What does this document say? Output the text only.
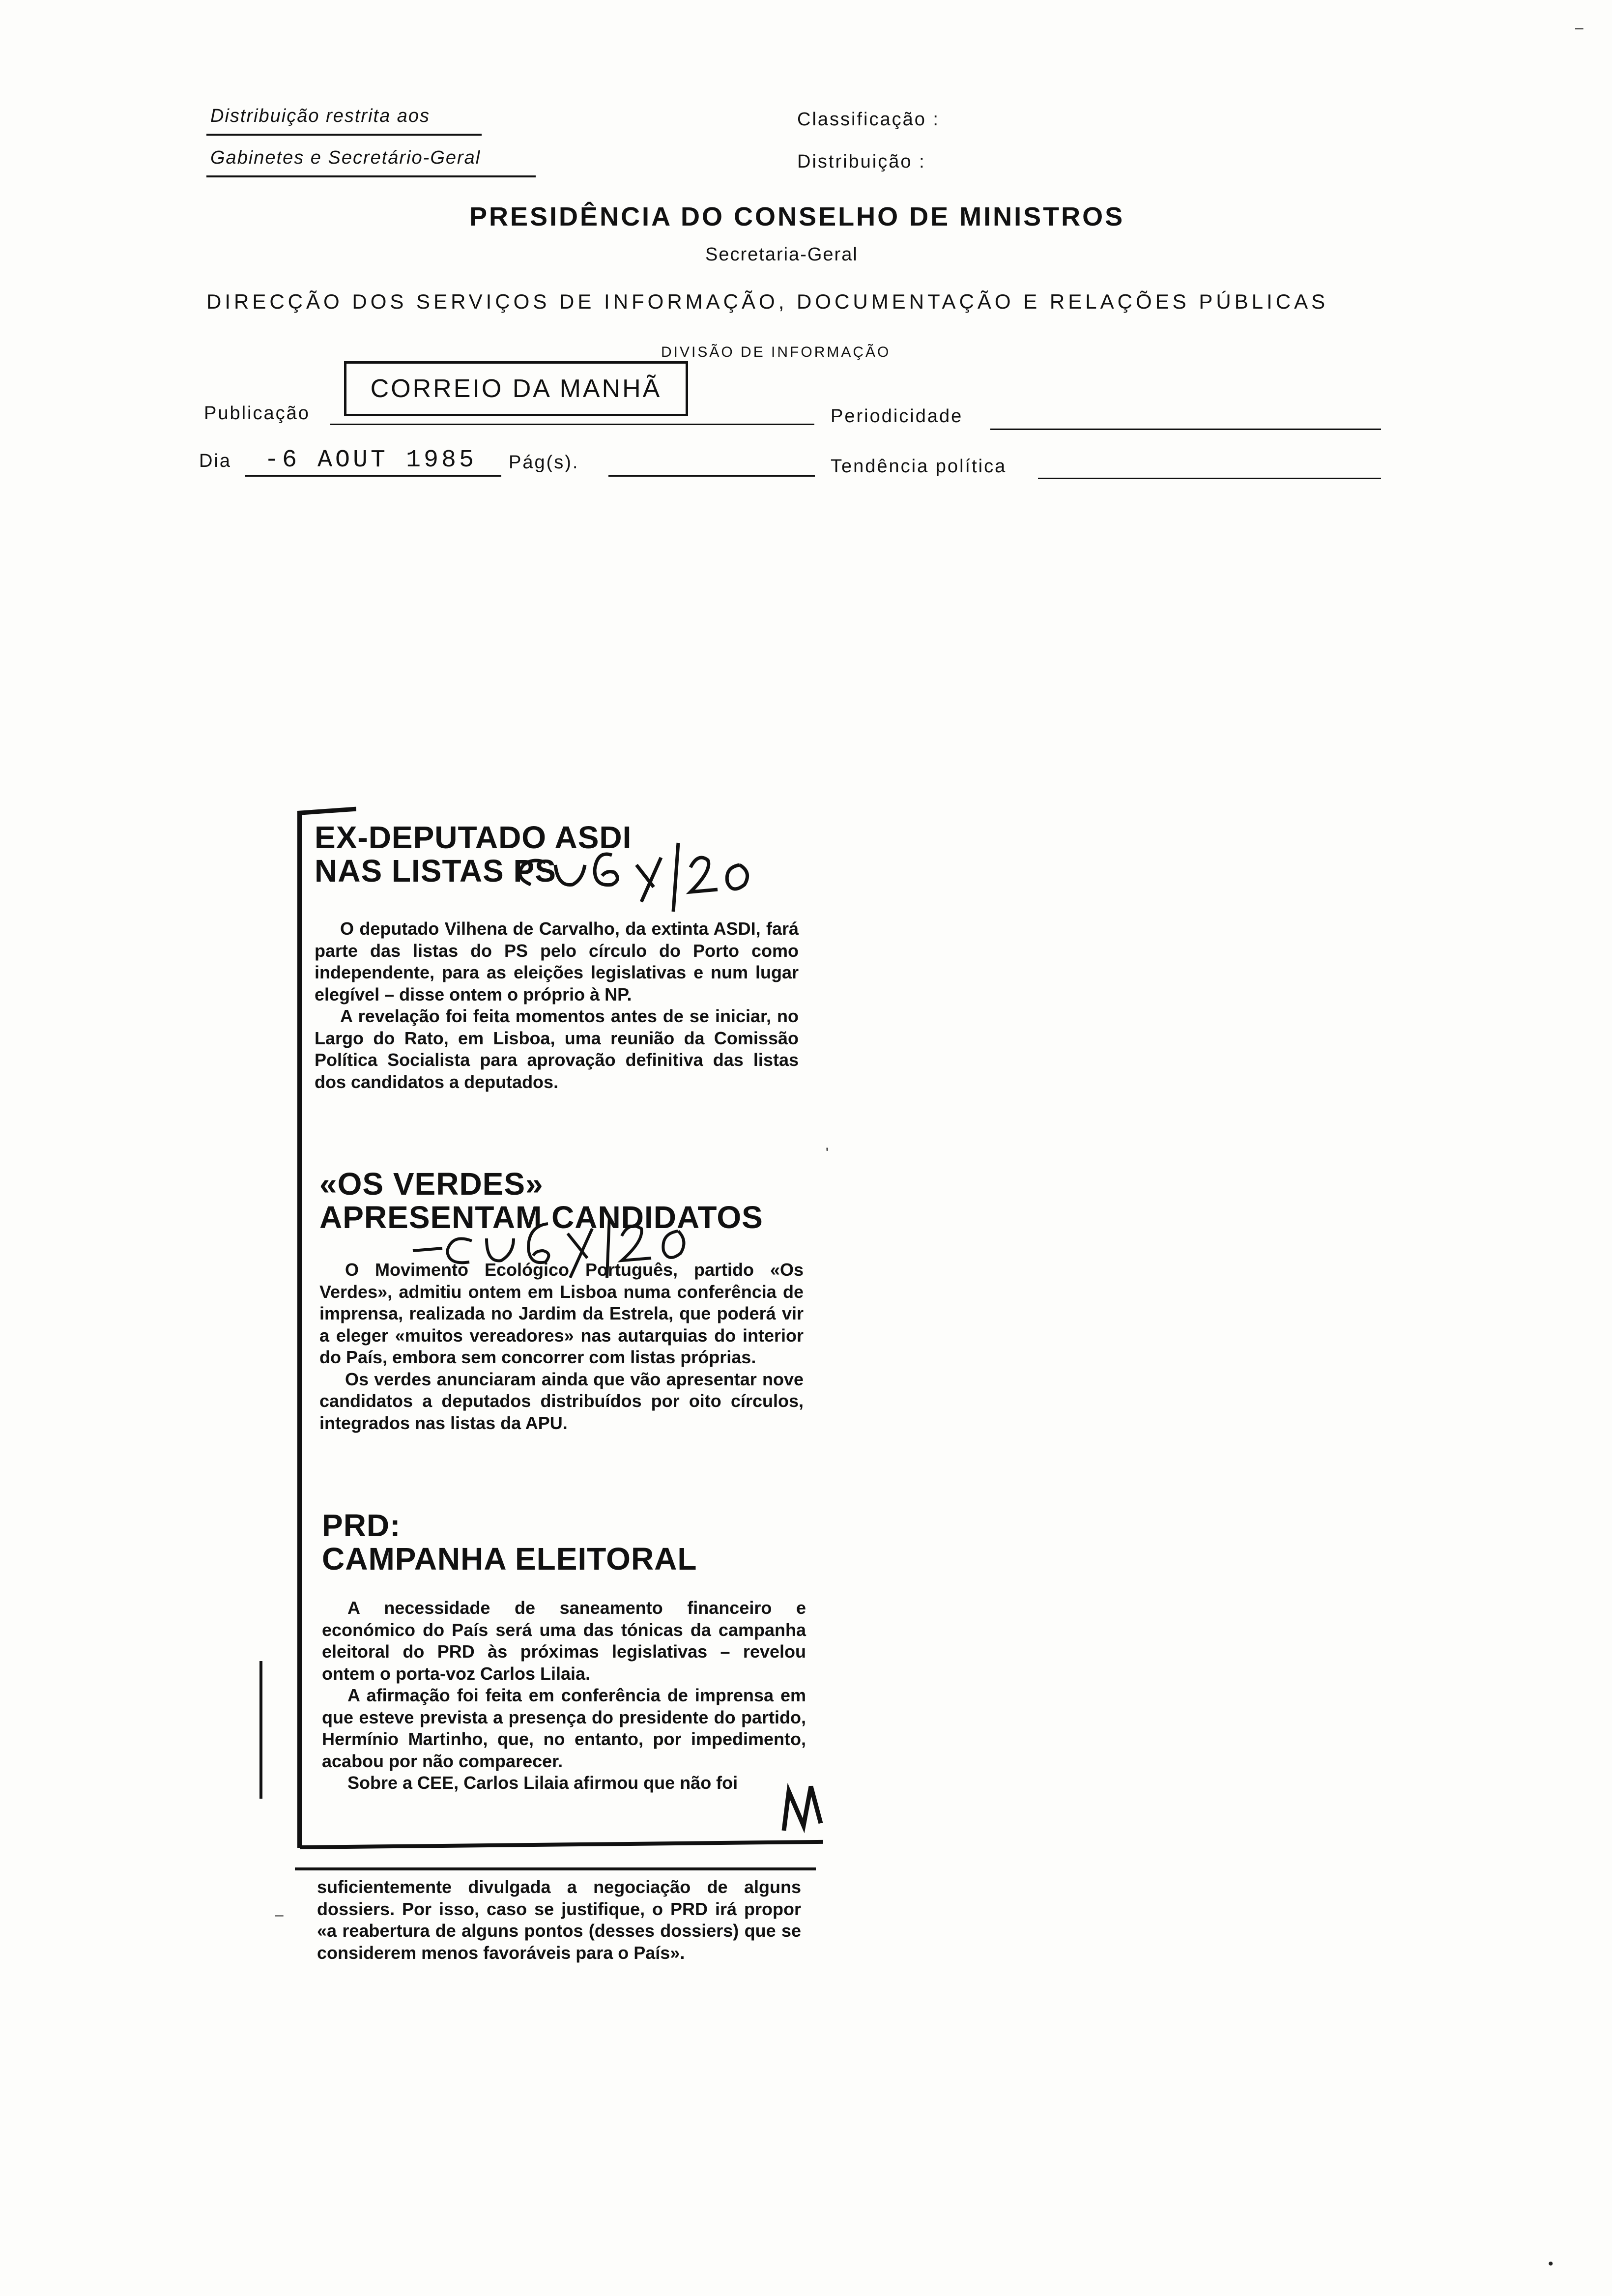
Distribuição restrita aos
Gabinetes e Secretário-Geral
Classificação :
Distribuição :
PRESIDÊNCIA DO CONSELHO DE MINISTROS
Secretaria-Geral
DIRECÇÃO DOS SERVIÇOS DE INFORMAÇÃO, DOCUMENTAÇÃO E RELAÇÕES PÚBLICAS
DIVISÃO DE INFORMAÇÃO
Publicação
CORREIO DA MANHÃ
Periodicidade
Dia -6 AOUT 1985 Pág(s).	Tendência política
EX-DEPUTADO ASDI
NAS LISTAS PS

O deputado Vilhena de Carvalho, da extinta ASDI, fará parte das listas do PS pelo círculo do Porto como independente, para as eleições legislativas e num lugar elegível – disse ontem o próprio à NP.

A revelação foi feita momentos antes de se iniciar, no Largo do Rato, em Lisboa, uma reunião da Comissão Política Socialista para aprovação definitiva das listas dos candidatos a deputados.

«OS VERDES»
APRESENTAM CANDIDATOS

O Movimento Ecológico Português, partido «Os Verdes», admitiu ontem em Lisboa numa conferência de imprensa, realizada no Jardim da Estrela, que poderá vir a eleger «muitos vereadores» nas autarquias do interior do País, embora sem concorrer com listas próprias.

Os verdes anunciaram ainda que vão apresentar nove candidatos a deputados distribuídos por oito círculos, integrados nas listas da APU.

PRD:
CAMPANHA ELEITORAL

A necessidade de saneamento financeiro e económico do País será uma das tónicas da campanha eleitoral do PRD às próximas legislativas – revelou ontem o porta-voz Carlos Lilaia.

A afirmação foi feita em conferência de imprensa em que esteve prevista a presença do presidente do partido, Hermínio Martinho, que, no entanto, por impedimento, acabou por não comparecer.

Sobre a CEE, Carlos Lilaia afirmou que não foi

suficientemente divulgada a negociação de alguns dossiers. Por isso, caso se justifique, o PRD irá propor «a reabertura de alguns pontos (desses dossiers) que se considerem menos favoráveis para o País».

–
•
'
–
